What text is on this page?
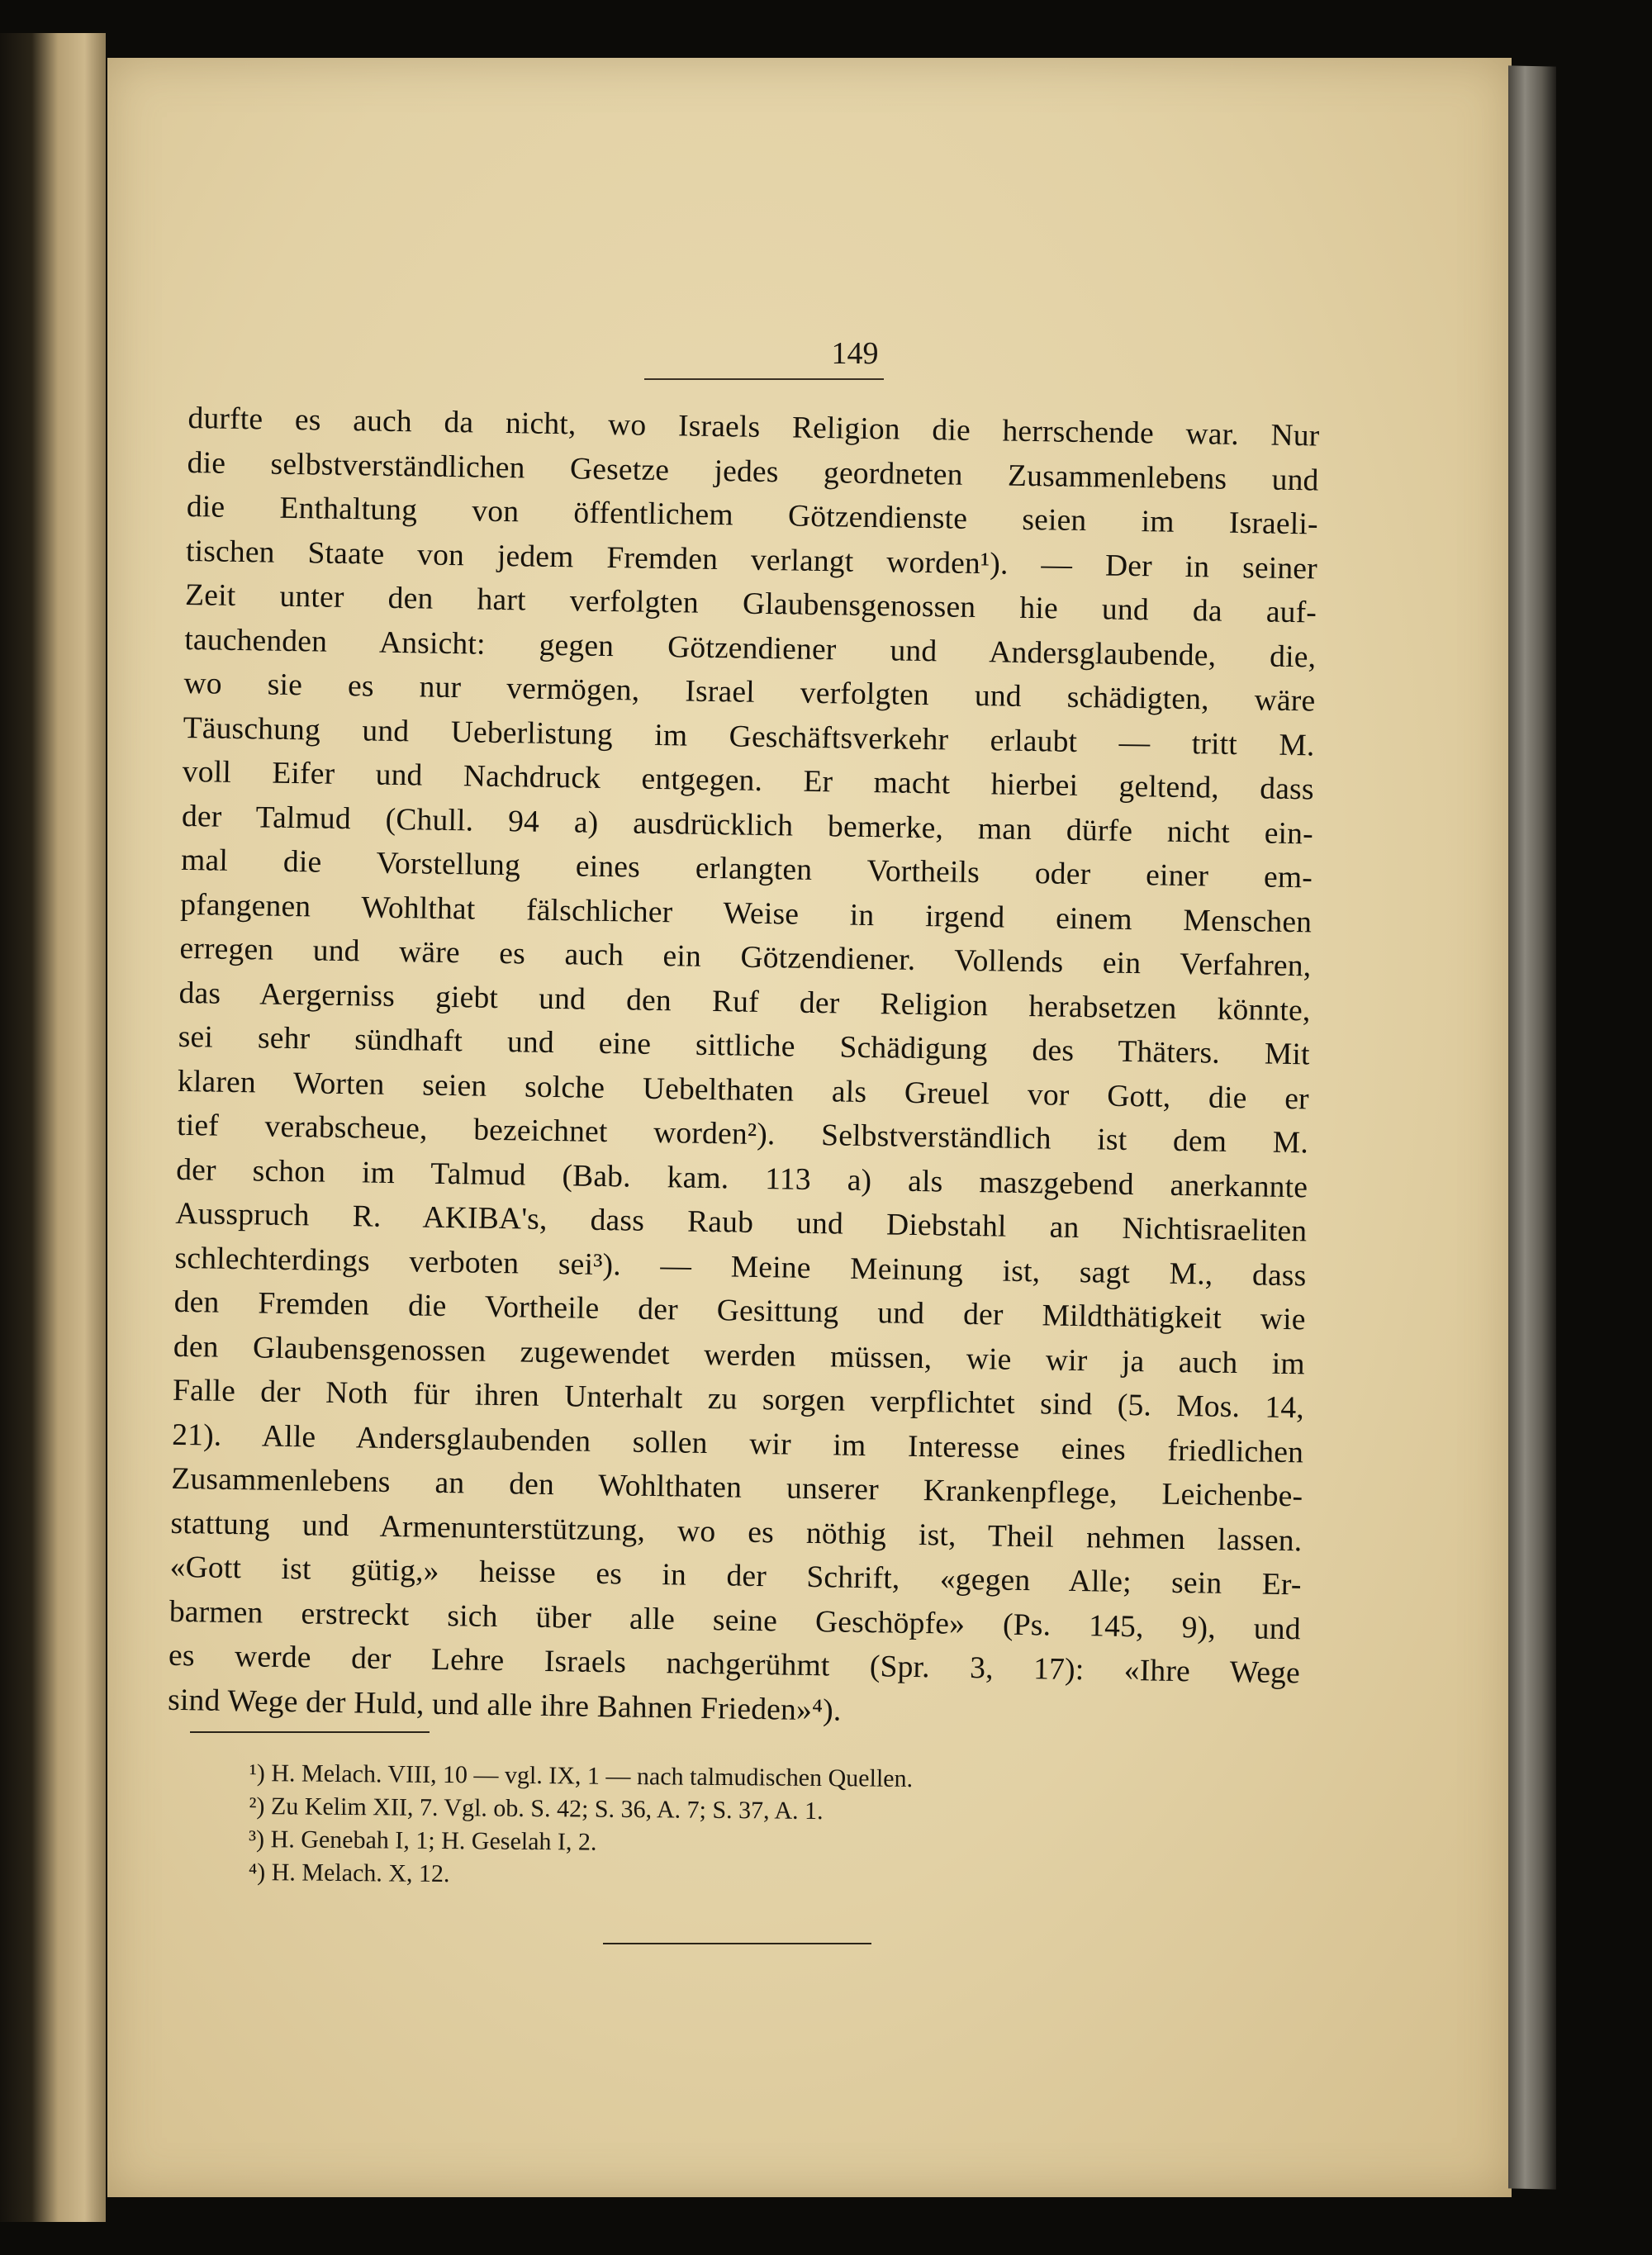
149

durfte es auch da nicht, wo Israels Religion die herrschende war. Nur

die selbstverständlichen Gesetze jedes geordneten Zusammenlebens und

die Enthaltung von öffentlichem Götzendienste seien im Israeli-

tischen Staate von jedem Fremden verlangt worden¹). — Der in seiner

Zeit unter den hart verfolgten Glaubensgenossen hie und da auf-

tauchenden Ansicht: gegen Götzendiener und Andersglaubende, die,

wo sie es nur vermögen, Israel verfolgten und schädigten, wäre

Täuschung und Ueberlistung im Geschäftsverkehr erlaubt — tritt M.

voll Eifer und Nachdruck entgegen. Er macht hierbei geltend, dass

der Talmud (Chull. 94 a) ausdrücklich bemerke, man dürfe nicht ein-

mal die Vorstellung eines erlangten Vortheils oder einer em-

pfangenen Wohlthat fälschlicher Weise in irgend einem Menschen

erregen und wäre es auch ein Götzendiener. Vollends ein Verfahren,

das Aergerniss giebt und den Ruf der Religion herabsetzen könnte,

sei sehr sündhaft und eine sittliche Schädigung des Thäters. Mit

klaren Worten seien solche Uebelthaten als Greuel vor Gott, die er

tief verabscheue, bezeichnet worden²). Selbstverständlich ist dem M.

der schon im Talmud (Bab. kam. 113 a) als maszgebend anerkannte

Ausspruch R. AKIBA's, dass Raub und Diebstahl an Nichtisraeliten

schlechterdings verboten sei³). — Meine Meinung ist, sagt M., dass

den Fremden die Vortheile der Gesittung und der Mildthätigkeit wie

den Glaubensgenossen zugewendet werden müssen, wie wir ja auch im

Falle der Noth für ihren Unterhalt zu sorgen verpflichtet sind (5. Mos. 14,

21). Alle Andersglaubenden sollen wir im Interesse eines friedlichen

Zusammenlebens an den Wohlthaten unserer Krankenpflege, Leichenbe-

stattung und Armenunterstützung, wo es nöthig ist, Theil nehmen lassen.

«Gott ist gütig,» heisse es in der Schrift, «gegen Alle; sein Er-

barmen erstreckt sich über alle seine Geschöpfe» (Ps. 145, 9), und

es werde der Lehre Israels nachgerühmt (Spr. 3, 17): «Ihre Wege

sind Wege der Huld, und alle ihre Bahnen Frieden»⁴).

¹) H. Melach. VIII, 10 — vgl. IX, 1 — nach talmudischen Quellen.

²) Zu Kelim XII, 7. Vgl. ob. S. 42; S. 36, A. 7; S. 37, A. 1.

³) H. Genebah I, 1; H. Geselah I, 2.

⁴) H. Melach. X, 12.
